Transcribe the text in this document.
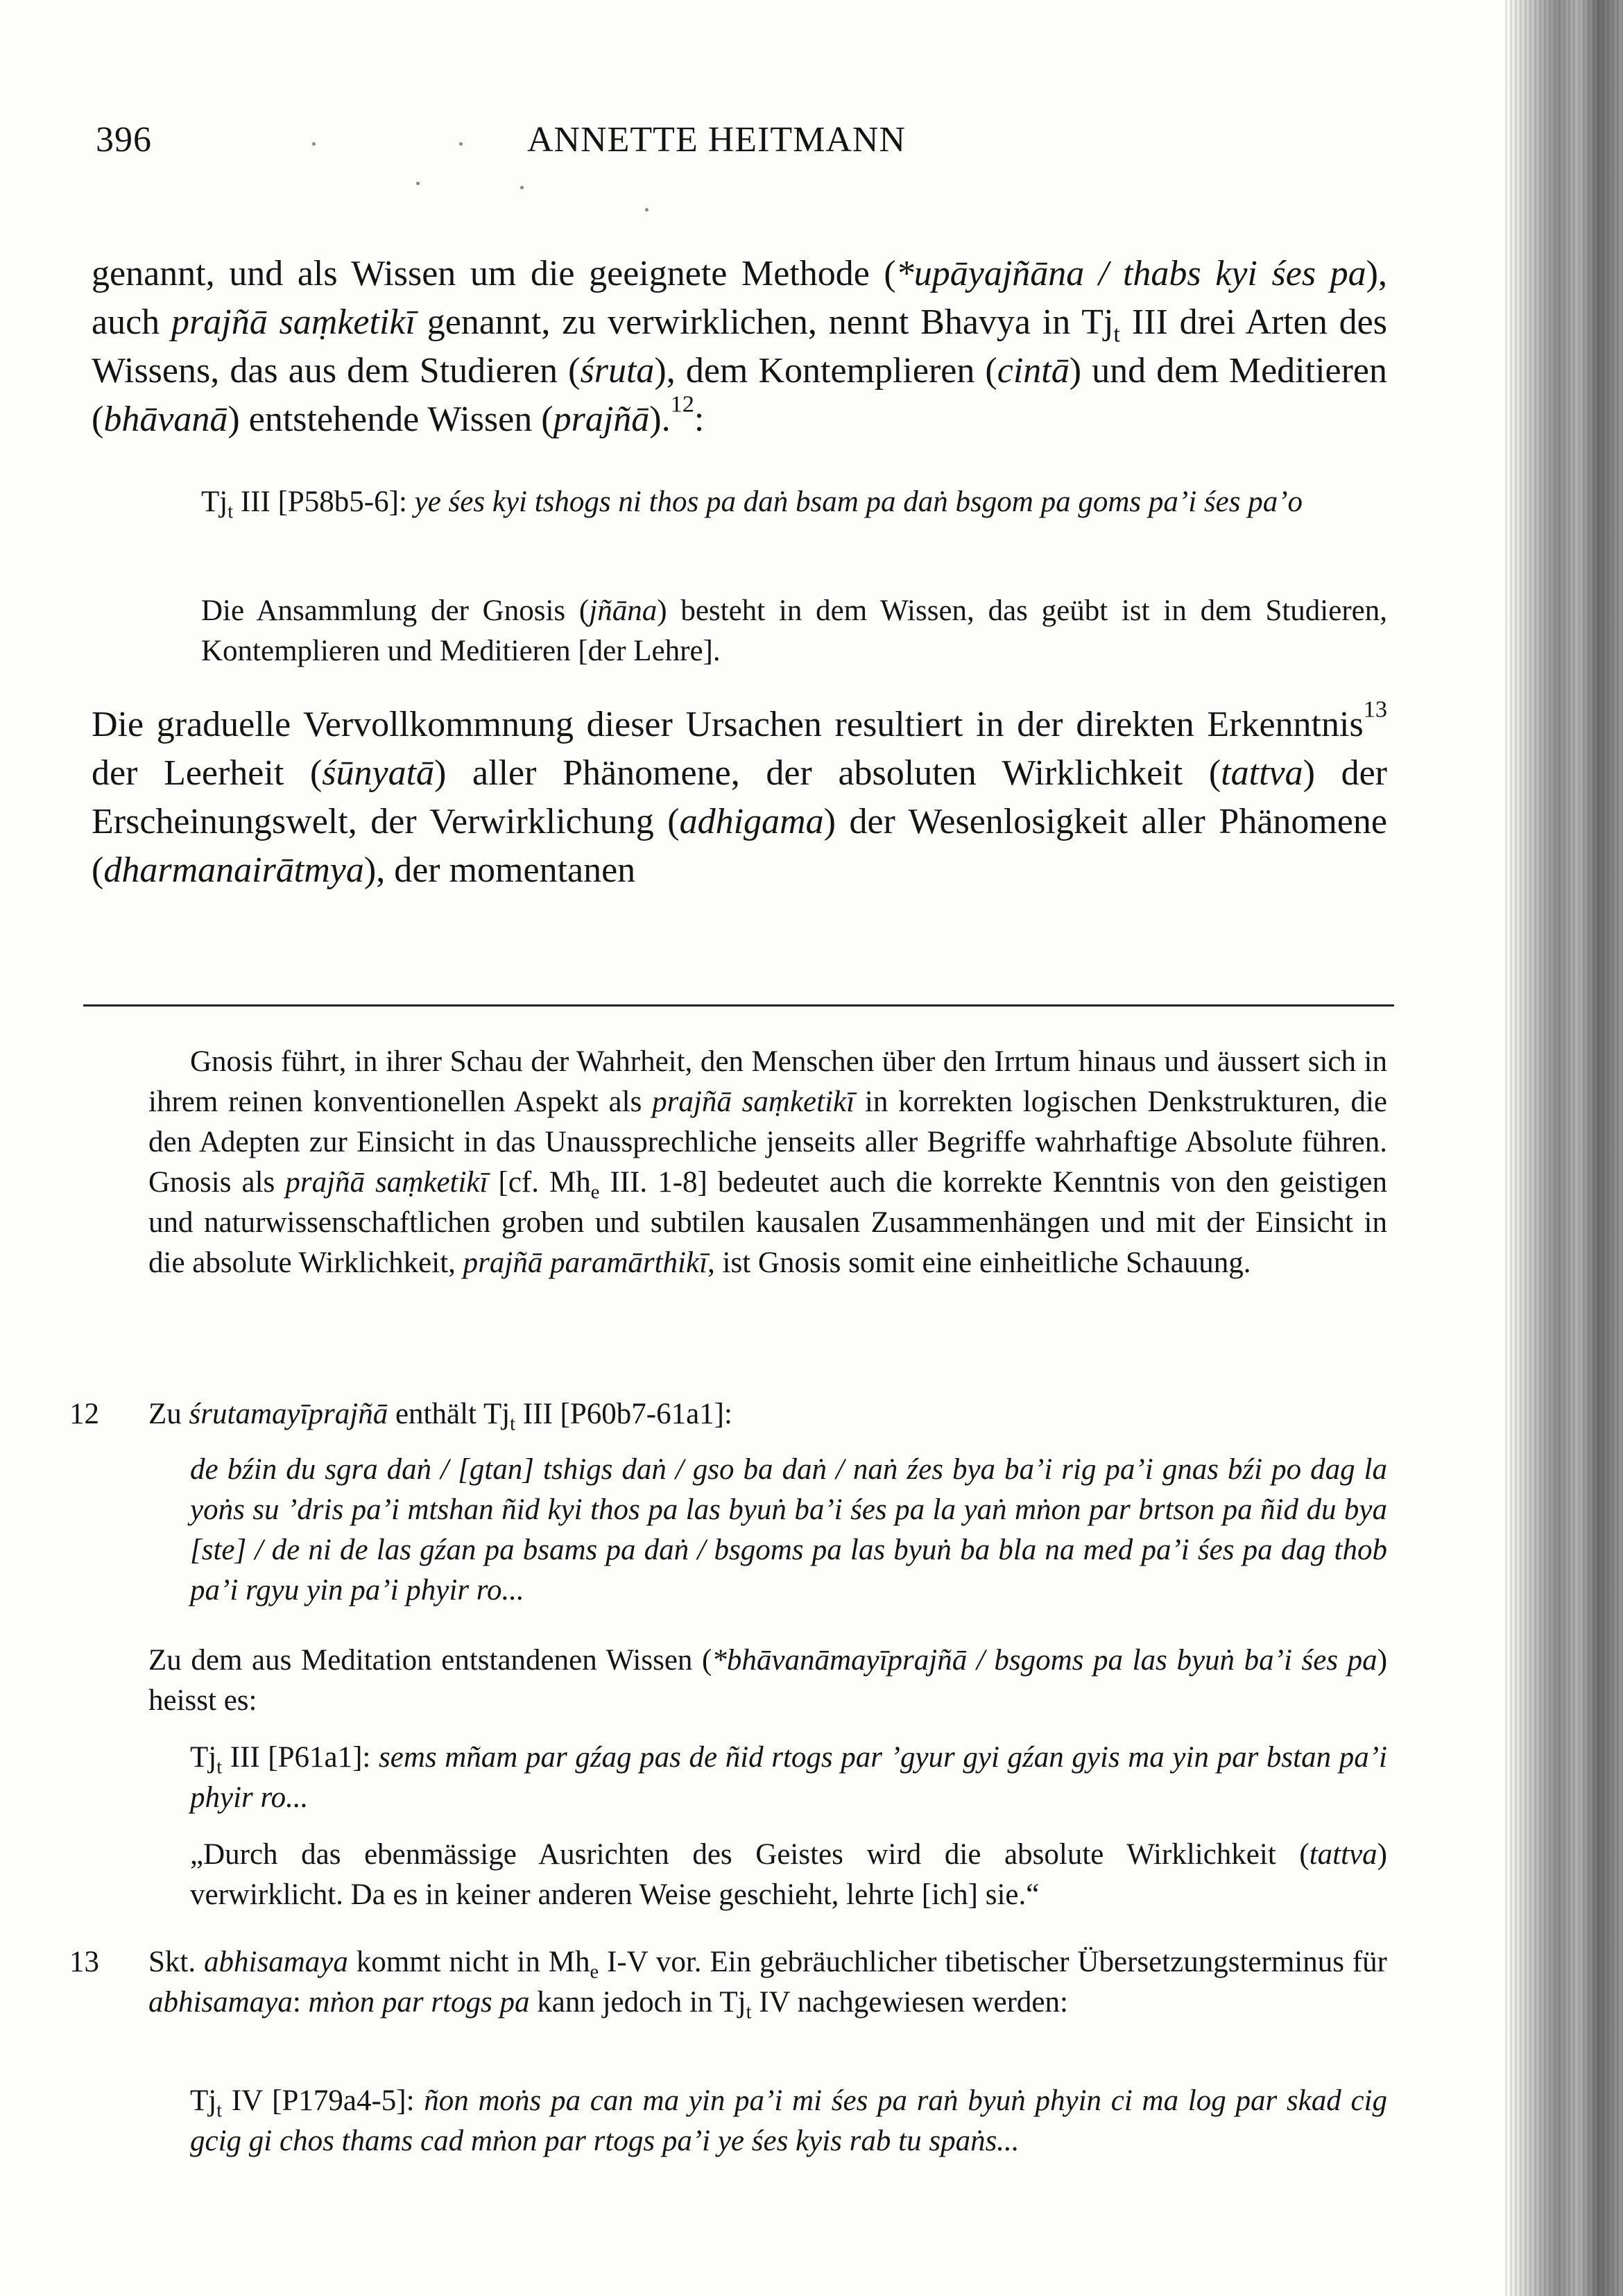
396	ANNETTE HEITMANN
genannt, und als Wissen um die geeignete Methode (*upāyajñāna / thabs kyi śes pa), auch prajñā saṃketikī genannt, zu verwirklichen, nennt Bhavya in $Tj_t$ III drei Arten des Wissens, das aus dem Studieren (śruta), dem Kontemplieren (cintā) und dem Meditieren (bhāvanā) entstehende Wissen (prajñā).$^{12}$:
$Tj_t$ III [P58b5-6]: ye śes kyi tshogs ni thos pa daṅ bsam pa daṅ bsgom pa goms pa’i śes pa’o
Die Ansammlung der Gnosis (jñāna) besteht in dem Wissen, das geübt ist in dem Studieren, Kontemplieren und Meditieren [der Lehre].
Die graduelle Vervollkommnung dieser Ursachen resultiert in der direkten Erkenntnis$^{13}$ der Leerheit (śūnyatā) aller Phänomene, der absoluten Wirklichkeit (tattva) der Erscheinungswelt, der Verwirklichung (adhigama) der Wesenlosigkeit aller Phänomene (dharmanairātmya), der momentanen
Gnosis führt, in ihrer Schau der Wahrheit, den Menschen über den Irrtum hinaus und äussert sich in ihrem reinen konventionellen Aspekt als prajñā saṃketikī in korrekten logischen Denkstrukturen, die den Adepten zur Einsicht in das Unaussprechliche jenseits aller Begriffe wahrhaftige Absolute führen. Gnosis als prajñā saṃketikī [cf. $Mh_e$ III. 1-8] bedeutet auch die korrekte Kenntnis von den geistigen und naturwissenschaftlichen groben und subtilen kausalen Zusammenhängen und mit der Einsicht in die absolute Wirklichkeit, prajñā paramārthikī, ist Gnosis somit eine einheitliche Schauung.
12 Zu śrutamayīprajñā enthält $Tj_t$ III [P60b7-61a1]:
de bźin du sgra daṅ / [gtan] tshigs daṅ / gso ba daṅ / naṅ źes bya ba’i rig pa’i gnas bźi po dag la yoṅs su ’dris pa’i mtshan ñid kyi thos pa las byuṅ ba’i śes pa la yaṅ mṅon par brtson pa ñid du bya [ste] / de ni de las gźan pa bsams pa daṅ / bsgoms pa las byuṅ ba bla na med pa’i śes pa dag thob pa’i rgyu yin pa’i phyir ro...
Zu dem aus Meditation entstandenen Wissen (*bhāvanāmayīprajñā / bsgoms pa las byuṅ ba’i śes pa) heisst es:
$Tj_t$ III [P61a1]: sems mñam par gźag pas de ñid rtogs par ’gyur gyi gźan gyis ma yin par bstan pa’i phyir ro...
„Durch das ebenmässige Ausrichten des Geistes wird die absolute Wirklichkeit (tattva) verwirklicht. Da es in keiner anderen Weise geschieht, lehrte [ich] sie.“
13 Skt. abhisamaya kommt nicht in $Mh_e$ I-V vor. Ein gebräuchlicher tibetischer Übersetzungsterminus für abhisamaya: mṅon par rtogs pa kann jedoch in $Tj_t$ IV nachgewiesen werden:
$Tj_t$ IV [P179a4-5]: ñon moṅs pa can ma yin pa’i mi śes pa raṅ byuṅ phyin ci ma log par skad cig gcig gi chos thams cad mṅon par rtogs pa’i ye śes kyis rab tu spaṅs...
